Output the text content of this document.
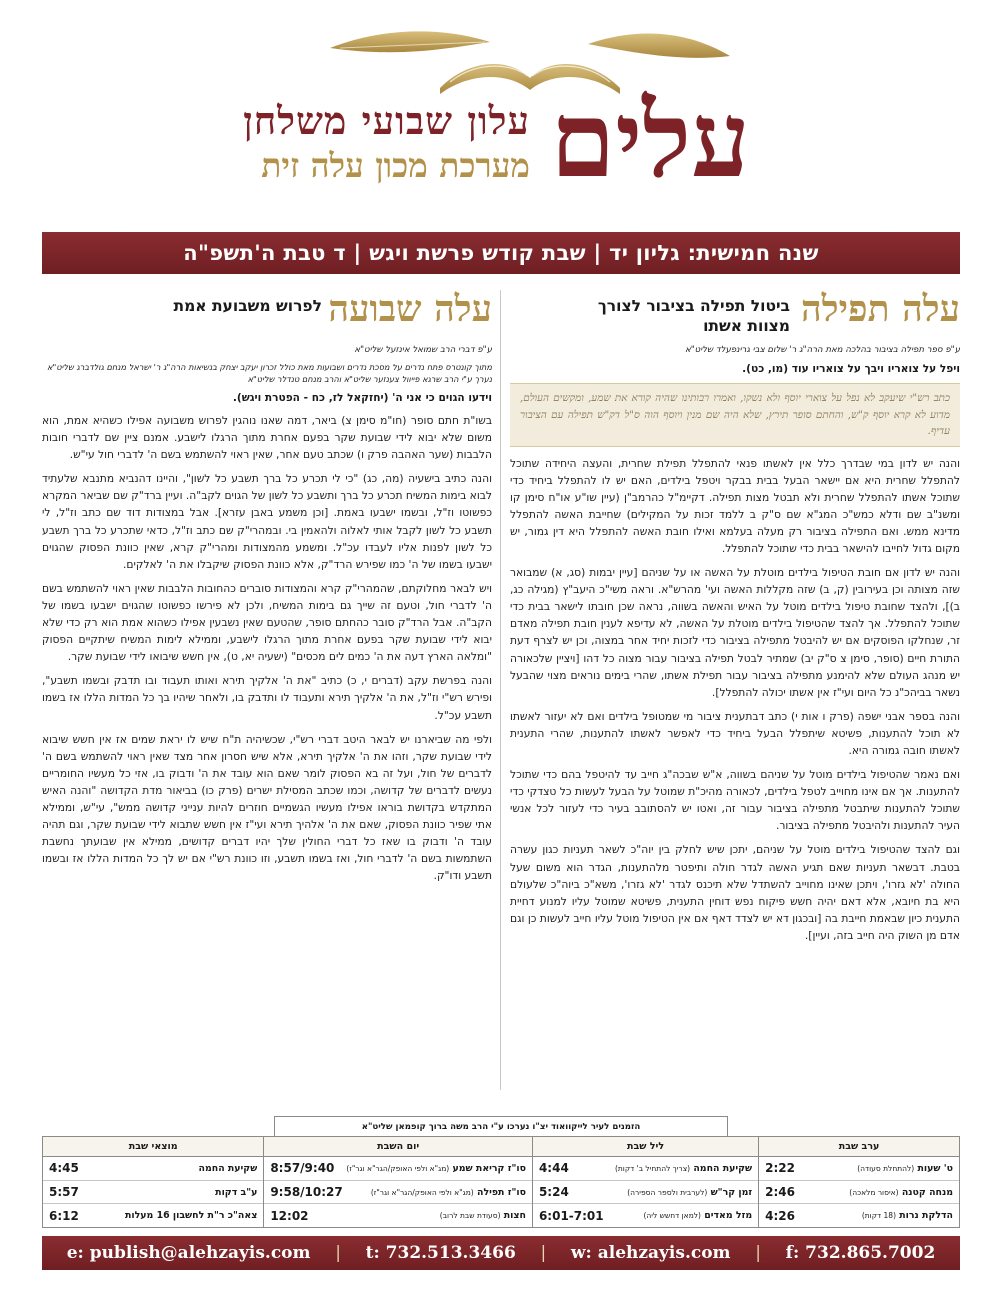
עלים
עלון שבועי משלחן
מערכת מכון עלה זית
שנה חמישית: גליון יד | שבת קודש פרשת ויגש | ד טבת ה'תשפ"ה
עלה תפילה
ביטול תפילה בציבור לצורך מצוות אשתו
ע"פ ספר תפילה בציבור בהלכה מאת הרה"ג ר' שלום צבי גרינפעלד שליט"א
ויפל על צואריו ויבך על צואריו עוד (מו, כט).

כתב רש"י שיעקב לא נפל על צוארי יוסף ולא נשקו, ואמרו רבותינו שהיה קורא את שמע, ומקשים העולם, מדוע לא קרא יוסף ק"ש, והחתם סופר תירץ, שלא היה שם מנין ויוסף הוה ס"ל דק"ש תפילה עם הציבור עדיף.

והנה יש לדון במי שבדרך כלל אין לאשתו פנאי להתפלל תפילת שחרית, והעצה היחידה שתוכל להתפלל שחרית היא אם יישאר הבעל בבית בבקר ויטפל בילדים, האם יש לו להתפלל ביחיד כדי שתוכל אשתו להתפלל שחרית ולא תבטל מצות תפילה. דקיימ"ל כהרמב"ן (עיין שו"ע או"ח סימן קו ומשנ"ב שם ודלא כמש"כ המג"א שם ס"ק ב ללמד זכות על המקילים) שחייבת האשה להתפלל מדינא ממש. ואם התפילה בציבור רק מעלה בעלמא ואילו חובת האשה להתפלל היא דין גמור, יש מקום גדול לחייבו להישאר בבית כדי שתוכל להתפלל.

והנה יש לדון אם חובת הטיפול בילדים מוטלת על האשה או על שניהם [עיין יבמות (סג, א) שמבואר שזה מצותה וכן בעירובין (ק, ב) שזה מקללות האשה ועי' מהרש"א. וראה משי"כ היעב"ץ (מגילה כג, ב)], ולהצד שחובת טיפול בילדים מוטל על האיש והאשה בשווה, נראה שכן חובתו לישאר בבית כדי שתוכל להתפלל. אך להצד שהטיפול בילדים מוטלת על האשה, לא עדיפא לענין חובת תפילה מאדם זר, שנחלקו הפוסקים אם יש להיבטל מתפילה בציבור כדי לזכות יחיד אחר במצוה, וכן יש לצרף דעת התורת חיים (סופר, סימן צ ס"ק יב) שמתיר לבטל תפילה בציבור עבור מצוה כל דהו [ויציין שלכאורה יש מנהג העולם שלא להימנע מתפילה בציבור עבור תפילת אשתו, שהרי בימים נוראים מצוי שהבעל נשאר בביהכ"נ כל היום ועי"ז אין אשתו יכולה להתפלל].

והנה בספר אבני ישפה (פרק ו אות י) כתב דבתענית ציבור מי שמטופל בילדים ואם לא יעזור לאשתו לא תוכל להתענות, פשיטא שיתפלל הבעל ביחיד כדי לאפשר לאשתו להתענות, שהרי התענית לאשתו חובה גמורה היא.

ואם נאמר שהטיפול בילדים מוטל על שניהם בשווה, א"ש שבכה"ג חייב עד להיטפל בהם כדי שתוכל להתענות. אך אם אינו מחוייב לטפל בילדים, לכאורה מהיכ"ת שמוטל על הבעל לעשות כל טצדקי כדי שתוכל להתענות שיתבטל מתפילה בציבור עבור זה, ואטו יש להסתובב בעיר כדי לעזור לכל אנשי העיר להתענות ולהיבטל מתפילה בציבור.

וגם להצד שהטיפול בילדים מוטל על שניהם, יתכן שיש לחלק בין יוה"כ לשאר תעניות כגון עשרה בטבת. דבשאר תעניות שאם תגיע האשה לגדר חולה ותיפטר מלהתענות, הגדר הוא משום שעל החולה 'לא גזרו', ויתכן שאינו מחוייב להשתדל שלא תיכנס לגדר 'לא גזרו', משא"כ ביוה"כ שלעולם היא בת חיובא, אלא דאם יהיה חשש פיקוח נפש דוחין התענית, פשיטא שמוטל עליו למנוע דחיית התענית כיון שבאמת חייבת בה [ובכגון דא יש לצדד דאף אם אין הטיפול מוטל עליו חייב לעשות כן וגם אדם מן השוק היה חייב בזה, ועיין].

עלה שבועה
לפרוש משבועת אמת
ע"פ דברי הרב שמואל אינזעל שליט"א
מתוך קונטרס פתח נדרים על מסכת נדרים ושבועות מאת כולל זכרון יעקב יצחק בנשיאות הרה"ג ר' ישראל מנחם גולדברג שליט"א נערך ע"י הרב שרגא פייוול צענזער שליט"א והרב מנחם טנדלר שליט"א
וידעו הגוים כי אני ה' (יחזקאל לז, כח - הפטרת ויגש).

בשו"ת חתם סופר (חו"מ סימן צ) ביאר, דמה שאנו נוהגין לפרוש משבועה אפילו כשהיא אמת, הוא משום שלא יבוא לידי שבועת שקר בפעם אחרת מתוך הרגלו לישבע. אמנם ציין שם לדברי חובות הלבבות (שער האהבה פרק ו) שכתב טעם אחר, שאין ראוי להשתמש בשם ה' לדברי חול עי"ש.

והנה כתיב בישעיה (מה, כג) "כי לי תכרע כל ברך תשבע כל לשון", והיינו דהנביא מתנבא שלעתיד לבוא בימות המשיח תכרע כל ברך ותשבע כל לשון של הגוים לקב"ה. ועיין ברד"ק שם שביאר המקרא כפשוטו וז"ל, ובשמו ישבעו באמת. [וכן משמע באבן עזרא]. אבל במצודות דוד שם כתב וז"ל, לי תשבע כל לשון לקבל אותי לאלוה ולהאמין בי. ובמהרי"ק שם כתב וז"ל, כדאי שתכרע כל ברך תשבע כל לשון לפנות אליו לעבדו עכ"ל. ומשמע מהמצודות ומהרי"ק קרא, שאין כוונת הפסוק שהגוים ישבעו בשמו של ה' כמו שפירש הרד"ק, אלא כוונת הפסוק שיקבלו את ה' לאלקים.

ויש לבאר מחלוקתם, שהמהרי"ק קרא והמצודות סוברים כהחובות הלבבות שאין ראוי להשתמש בשם ה' לדברי חול, וטעם זה שייך גם בימות המשיח, ולכן לא פירשו כפשוטו שהגוים ישבעו בשמו של הקב"ה. אבל הרד"ק סובר כהחתם סופר, שהטעם שאין נשבעין אפילו כשהוא אמת הוא רק כדי שלא יבוא לידי שבועת שקר בפעם אחרת מתוך הרגלו לישבע, וממילא לימות המשיח שיתקיים הפסוק "ומלאה הארץ דעה את ה' כמים לים מכסים" (ישעיה יא, ט), אין חשש שיבואו לידי שבועת שקר.

והנה בפרשת עקב (דברים י, כ) כתיב "את ה' אלקיך תירא ואותו תעבוד ובו תדבק ובשמו תשבע", ופירש רש"י וז"ל, את ה' אלקיך תירא ותעבוד לו ותדבק בו, ולאחר שיהיו בך כל המדות הללו אז בשמו תשבע עכ"ל.

ולפי מה שביארנו יש לבאר היטב דברי רש"י, שכשיהיה ת"ח שיש לו יראת שמים אז אין חשש שיבוא לידי שבועת שקר, וזהו את ה' אלקיך תירא, אלא שיש חסרון אחר מצד שאין ראוי להשתמש בשם ה' לדברים של חול, ועל זה בא הפסוק לומר שאם הוא עובד את ה' ודבוק בו, אזי כל מעשיו החומריים נעשים לדברים של קדושה, וכמו שכתב המסילת ישרים (פרק כו) בביאור מדת הקדושה "והנה האיש המתקדש בקדושת בוראו אפילו מעשיו הגשמיים חוזרים להיות ענייני קדושה ממש", עי"ש, וממילא אתי שפיר כוונת הפסוק, שאם את ה' אלהיך תירא ועי"ז אין חשש שתבוא לידי שבועת שקר, וגם תהיה עובד ה' ודבוק בו שאז כל דברי החולין שלך יהיו דברים קדושים, ממילא אין שבועתך נחשבת השתמשות בשם ה' לדברי חול, ואז בשמו תשבע, וזו כוונת רש"י אם יש לך כל המדות הללו אז ובשמו תשבע ודו"ק.

הזמנים לעיר לייקוואוד יצ"ו נערכו ע"י הרב משה ברוך קופמאן שליט"א
ערב שבת
ט' שעות (להתחלת סעודה)
2:22
מנחה קטנה (איסור מלאכה)
2:46
הדלקת נרות (18 דקות)
4:26
ליל שבת
שקיעת החמה (צריך להתחיל ב' דקות)
4:44
זמן קר"ש (לערבית ולספר הספירה)
5:24
מזל מאדים (למאן דחשש ליה)
6:01-7:01
יום השבת
סו"ז קריאת שמע (מג"א ולפי האופק/הגר"א וגר"ז)
8:57/9:40
סו"ז תפילה (מג"א ולפי האופק/הגר"א וגר"ז)
9:58/10:27
חצות (סעודת שבת לרוב)
12:02
מוצאי שבת
שקיעת החמה
4:45
ע"ב דקות
5:57
צאה"כ ר"ת לחשבון 16 מעלות
6:12
e: publish@alehzayis.com | t: 732.513.3466 | w: alehzayis.com | f: 732.865.7002
